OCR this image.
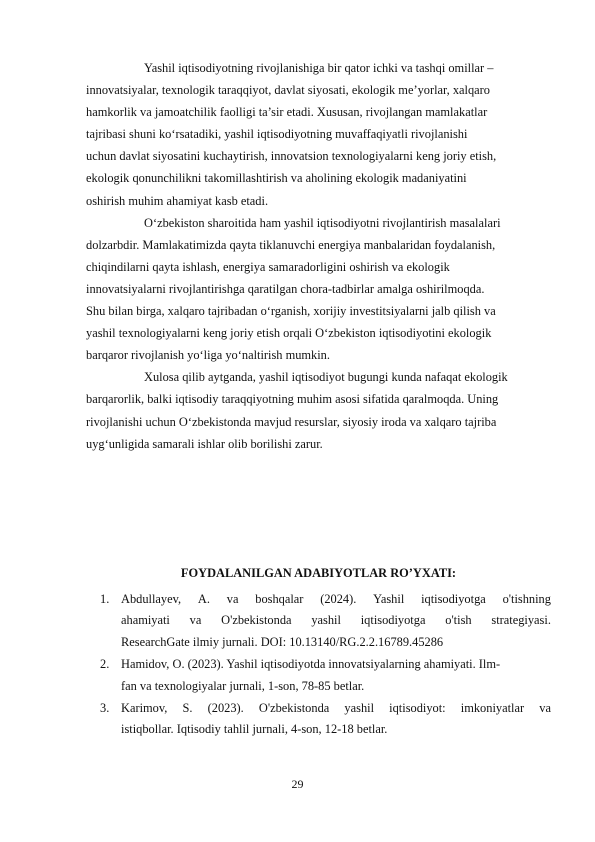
Yashil iqtisodiyotning rivojlanishiga bir qator ichki va tashqi omillar –
innovatsiyalar, texnologik taraqqiyot, davlat siyosati, ekologik me’yorlar, xalqaro
hamkorlik va jamoatchilik faolligi ta’sir etadi. Xususan, rivojlangan mamlakatlar
tajribasi shuni ko‘rsatadiki, yashil iqtisodiyotning muvaffaqiyatli rivojlanishi
uchun davlat siyosatini kuchaytirish, innovatsion texnologiyalarni keng joriy etish,
ekologik qonunchilikni takomillashtirish va aholining ekologik madaniyatini
oshirish muhim ahamiyat kasb etadi.

O‘zbekiston sharoitida ham yashil iqtisodiyotni rivojlantirish masalalari
dolzarbdir. Mamlakatimizda qayta tiklanuvchi energiya manbalaridan foydalanish,
chiqindilarni qayta ishlash, energiya samaradorligini oshirish va ekologik
innovatsiyalarni rivojlantirishga qaratilgan chora-tadbirlar amalga oshirilmoqda.
Shu bilan birga, xalqaro tajribadan o‘rganish, xorijiy investitsiyalarni jalb qilish va
yashil texnologiyalarni keng joriy etish orqali O‘zbekiston iqtisodiyotini ekologik
barqaror rivojlanish yo‘liga yo‘naltirish mumkin.

Xulosa qilib aytganda, yashil iqtisodiyot bugungi kunda nafaqat ekologik
barqarorlik, balki iqtisodiy taraqqiyotning muhim asosi sifatida qaralmoqda. Uning
rivojlanishi uchun O‘zbekistonda mavjud resurslar, siyosiy iroda va xalqaro tajriba
uyg‘unligida samarali ishlar olib borilishi zarur.

FOYDALANILGAN ADABIYOTLAR RO’YXATI:
1. Abdullayev, A. va boshqalar (2024). Yashil iqtisodiyotga o'tishning
ahamiyati va O'zbekistonda yashil iqtisodiyotga o'tish strategiyasi.
ResearchGate ilmiy jurnali. DOI: 10.13140/RG.2.2.16789.45286
2. Hamidov, O. (2023). Yashil iqtisodiyotda innovatsiyalarning ahamiyati. Ilm-
fan va texnologiyalar jurnali, 1-son, 78-85 betlar.
3. Karimov, S. (2023). O'zbekistonda yashil iqtisodiyot: imkoniyatlar va
istiqbollar. Iqtisodiy tahlil jurnali, 4-son, 12-18 betlar.
29
